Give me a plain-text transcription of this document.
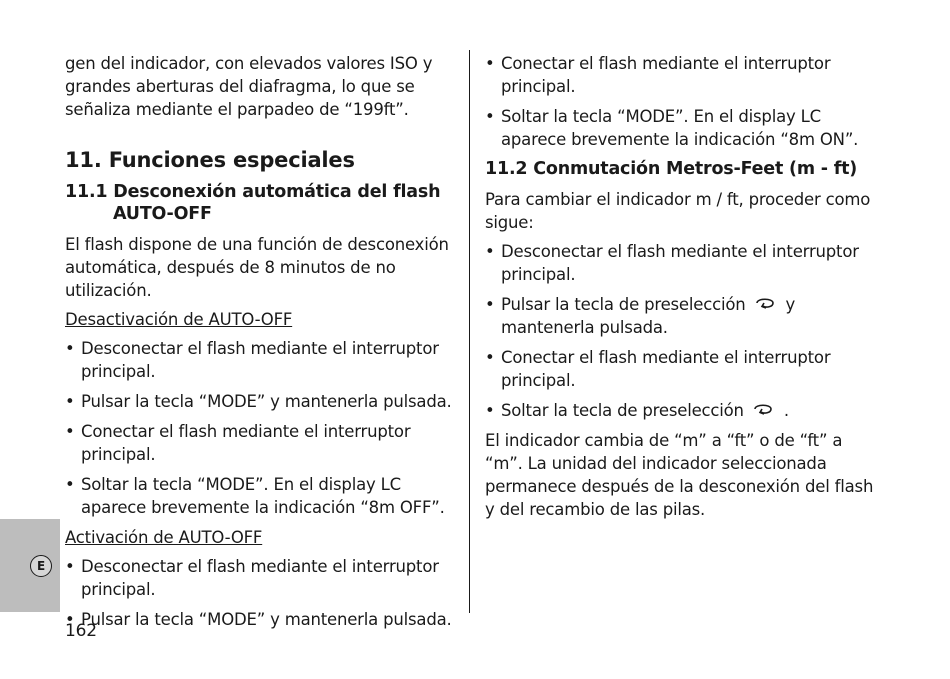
E

gen del indicador, con elevados valores ISO y grandes aberturas del diafragma, lo que se señaliza mediante el parpadeo de “199ft”.

11. Funciones especiales
11.1 Desconexión automática del flash
AUTO-OFF

El flash dispone de una función de desconexión automática, después de 8 minutos de no utilización.

Desactivación de AUTO-OFF

• Desconectar el flash mediante el interruptor principal.
• Pulsar la tecla “MODE” y mantenerla pulsada.
• Conectar el flash mediante el interruptor principal.
• Soltar la tecla “MODE”. En el display LC aparece brevemente la indicación “8m OFF”.

Activación de AUTO-OFF

• Desconectar el flash mediante el interruptor principal.
• Pulsar la tecla “MODE” y mantenerla pulsada.
• Conectar el flash mediante el interruptor principal.
• Soltar la tecla “MODE”. En el display LC aparece brevemente la indicación “8m ON”.
11.2 Conmutación Metros-Feet (m - ft)

Para cambiar el indicador m / ft, proceder como sigue:

• Desconectar el flash mediante el interruptor principal.
• Pulsar la tecla de preselección y mantenerla pulsada.
• Conectar el flash mediante el interruptor principal.
• Soltar la tecla de preselección .

El indicador cambia de “m” a “ft” o de “ft” a “m”. La unidad del indicador seleccionada permanece después de la desconexión del flash y del recambio de las pilas.

162
